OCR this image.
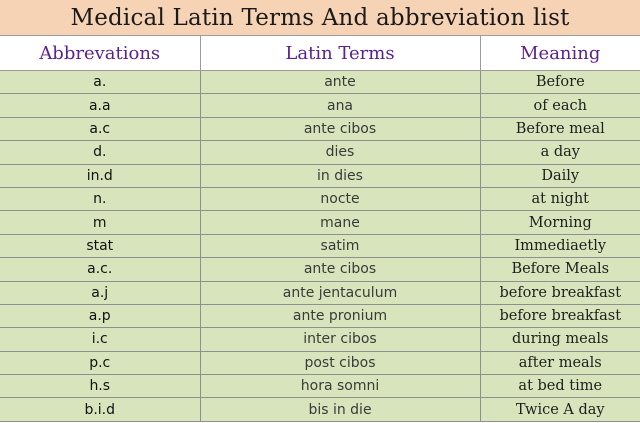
Medical Latin Terms And abbreviation list
Abbrevations	Latin Terms	Meaning
a.	ante	Before
a.a	ana	of each
a.c	ante cibos	Before meal
d.	dies	a day
in.d	in dies	Daily
n.	nocte	at night
m	mane	Morning
stat	satim	Immediaetly
a.c.	ante cibos	Before Meals
a.j	ante jentaculum	before breakfast
a.p	ante pronium	before breakfast
i.c	inter cibos	during meals
p.c	post cibos	after meals
h.s	hora somni	at bed time
b.i.d	bis in die	Twice A day
